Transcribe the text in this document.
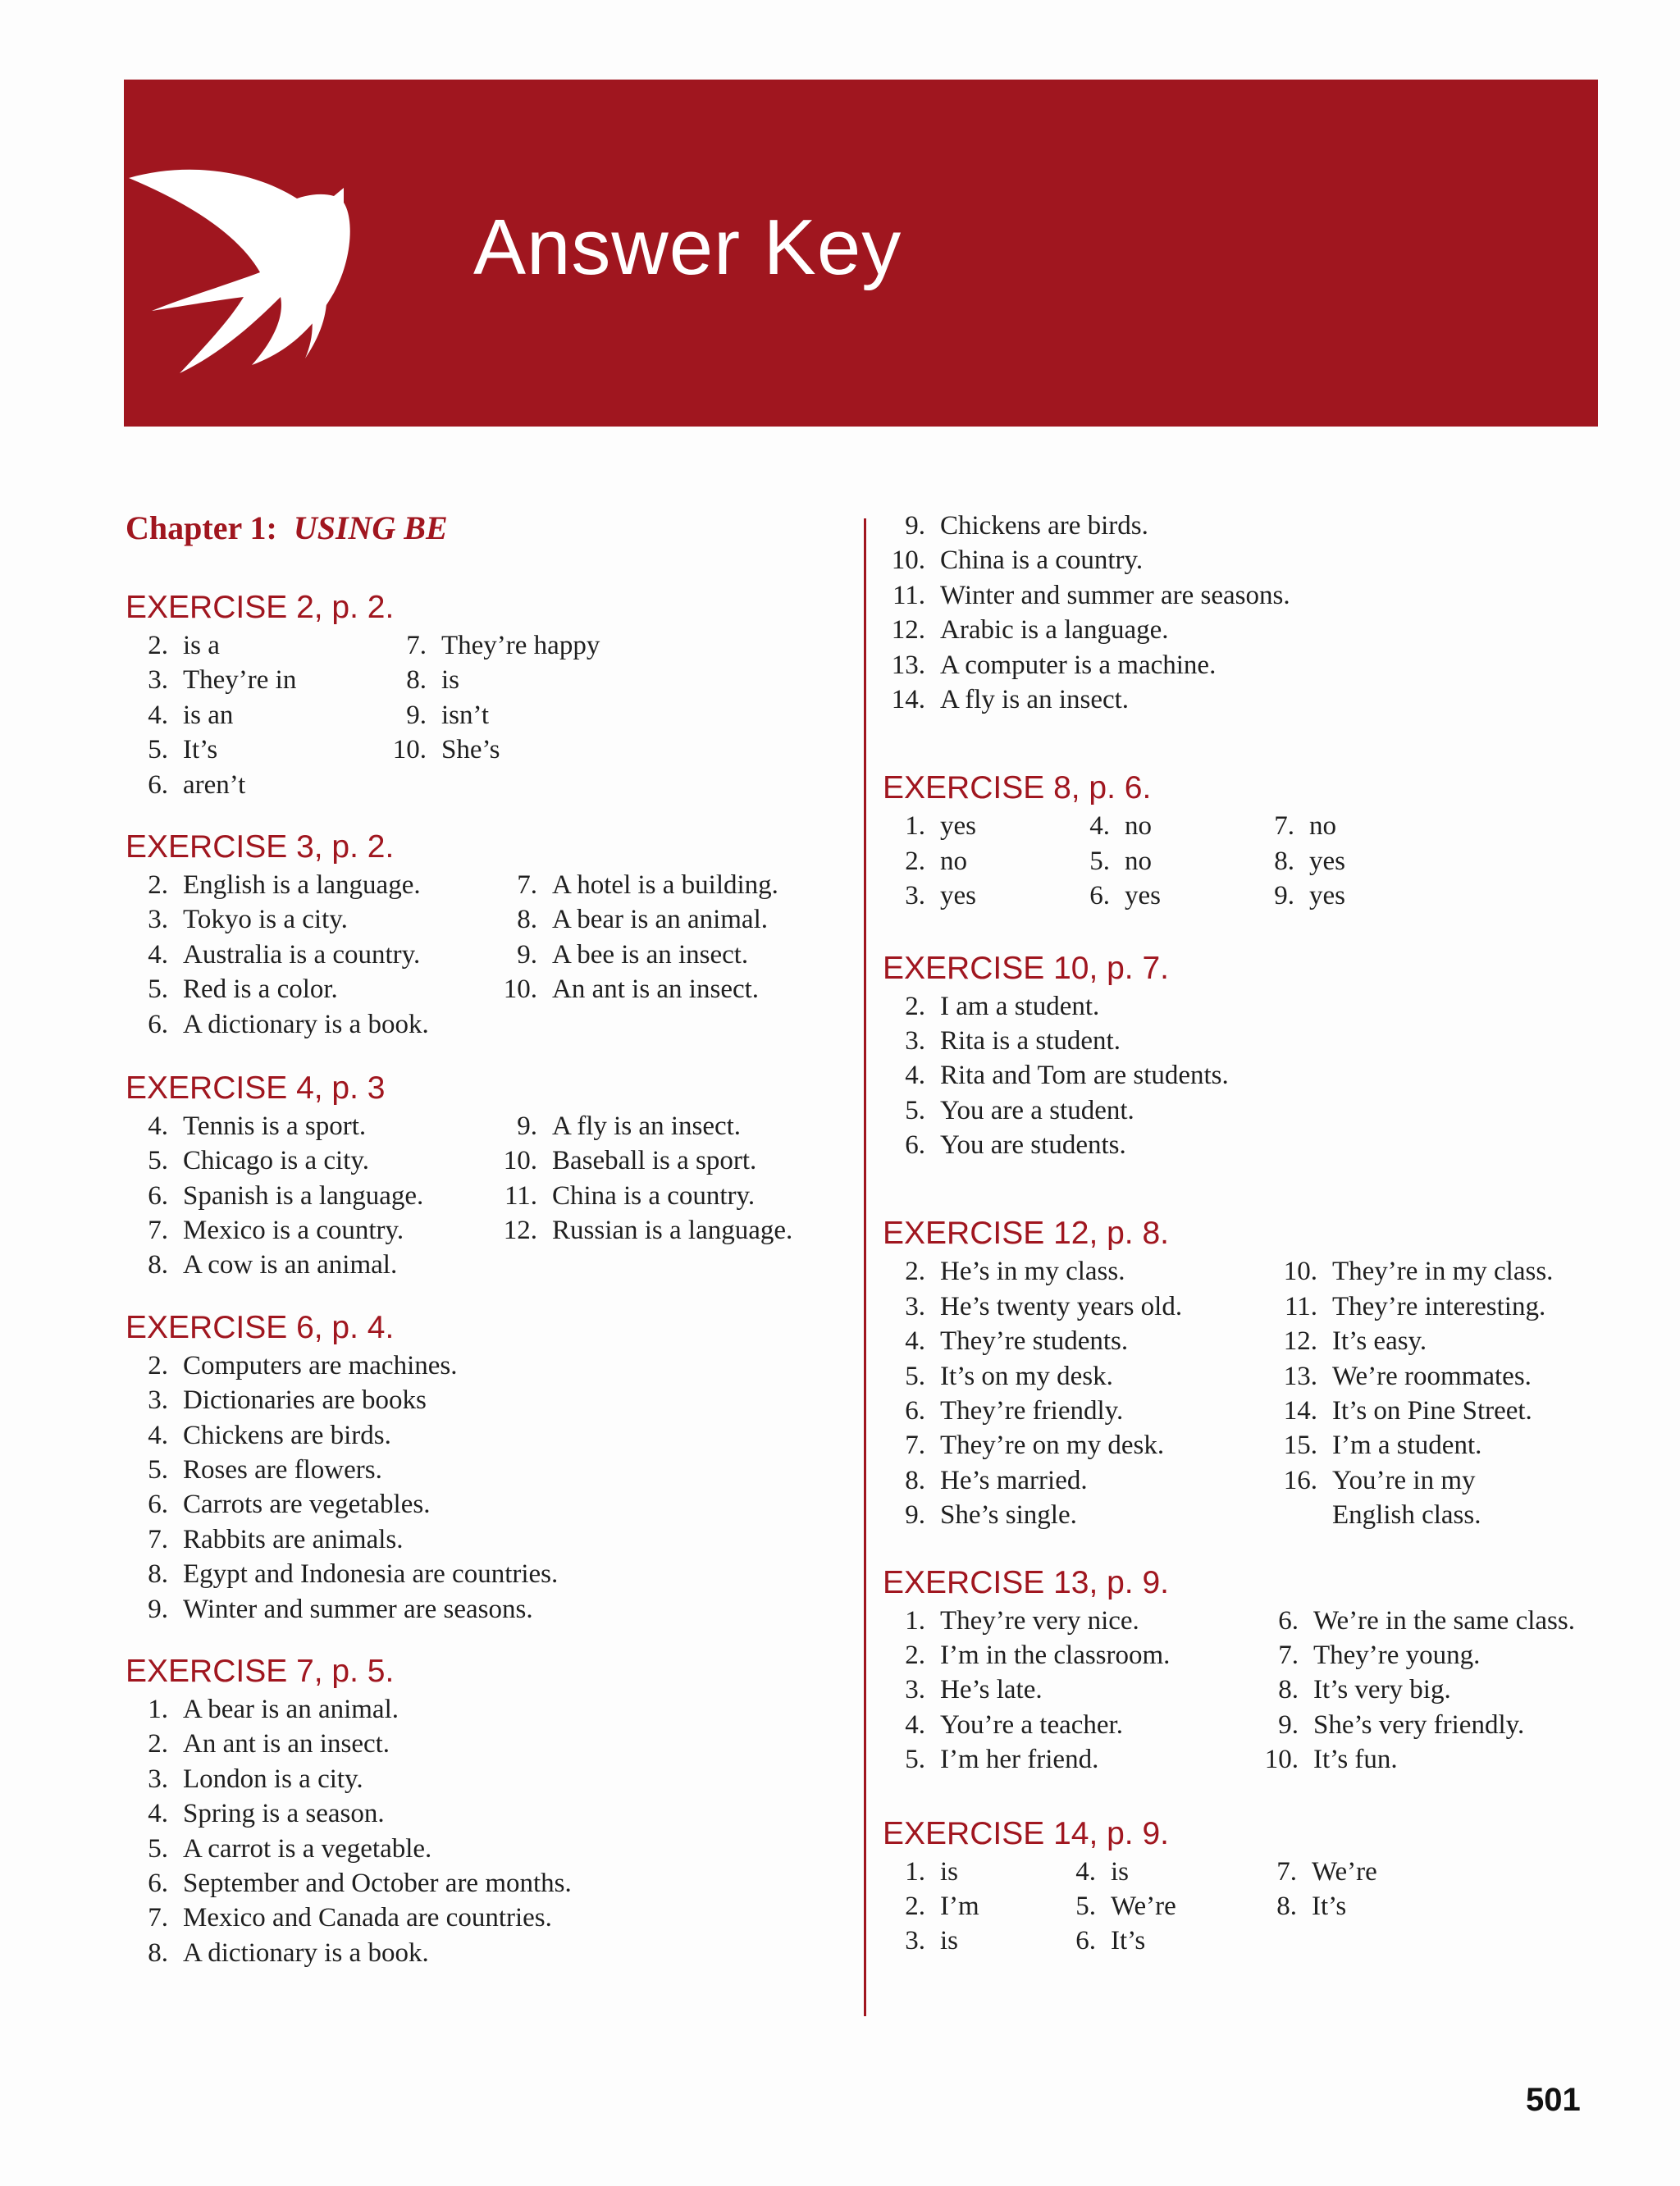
Answer Key
Chapter 1: USING BE
EXERCISE 2, p. 2.
2. is a
3. They’re in
4. is an
5. It’s
6. aren’t
7. They’re happy
8. is
9. isn’t
10. She’s
EXERCISE 3, p. 2.
2. English is a language.
3. Tokyo is a city.
4. Australia is a country.
5. Red is a color.
6. A dictionary is a book.
7. A hotel is a building.
8. A bear is an animal.
9. A bee is an insect.
10. An ant is an insect.
EXERCISE 4, p. 3
4. Tennis is a sport.
5. Chicago is a city.
6. Spanish is a language.
7. Mexico is a country.
8. A cow is an animal.
9. A fly is an insect.
10. Baseball is a sport.
11. China is a country.
12. Russian is a language.
EXERCISE 6, p. 4.
2. Computers are machines.
3. Dictionaries are books
4. Chickens are birds.
5. Roses are flowers.
6. Carrots are vegetables.
7. Rabbits are animals.
8. Egypt and Indonesia are countries.
9. Winter and summer are seasons.
EXERCISE 7, p. 5.
1. A bear is an animal.
2. An ant is an insect.
3. London is a city.
4. Spring is a season.
5. A carrot is a vegetable.
6. September and October are months.
7. Mexico and Canada are countries.
8. A dictionary is a book.
9. Chickens are birds.
10. China is a country.
11. Winter and summer are seasons.
12. Arabic is a language.
13. A computer is a machine.
14. A fly is an insect.
EXERCISE 8, p. 6.
1. yes
2. no
3. yes
4. no
5. no
6. yes
7. no
8. yes
9. yes
EXERCISE 10, p. 7.
2. I am a student.
3. Rita is a student.
4. Rita and Tom are students.
5. You are a student.
6. You are students.
EXERCISE 12, p. 8.
2. He’s in my class.
3. He’s twenty years old.
4. They’re students.
5. It’s on my desk.
6. They’re friendly.
7. They’re on my desk.
8. He’s married.
9. She’s single.
10. They’re in my class.
11. They’re interesting.
12. It’s easy.
13. We’re roommates.
14. It’s on Pine Street.
15. I’m a student.
16. You’re in my English class.
EXERCISE 13, p. 9.
1. They’re very nice.
2. I’m in the classroom.
3. He’s late.
4. You’re a teacher.
5. I’m her friend.
6. We’re in the same class.
7. They’re young.
8. It’s very big.
9. She’s very friendly.
10. It’s fun.
EXERCISE 14, p. 9.
1. is
2. I’m
3. is
4. is
5. We’re
6. It’s
7. We’re
8. It’s
501
